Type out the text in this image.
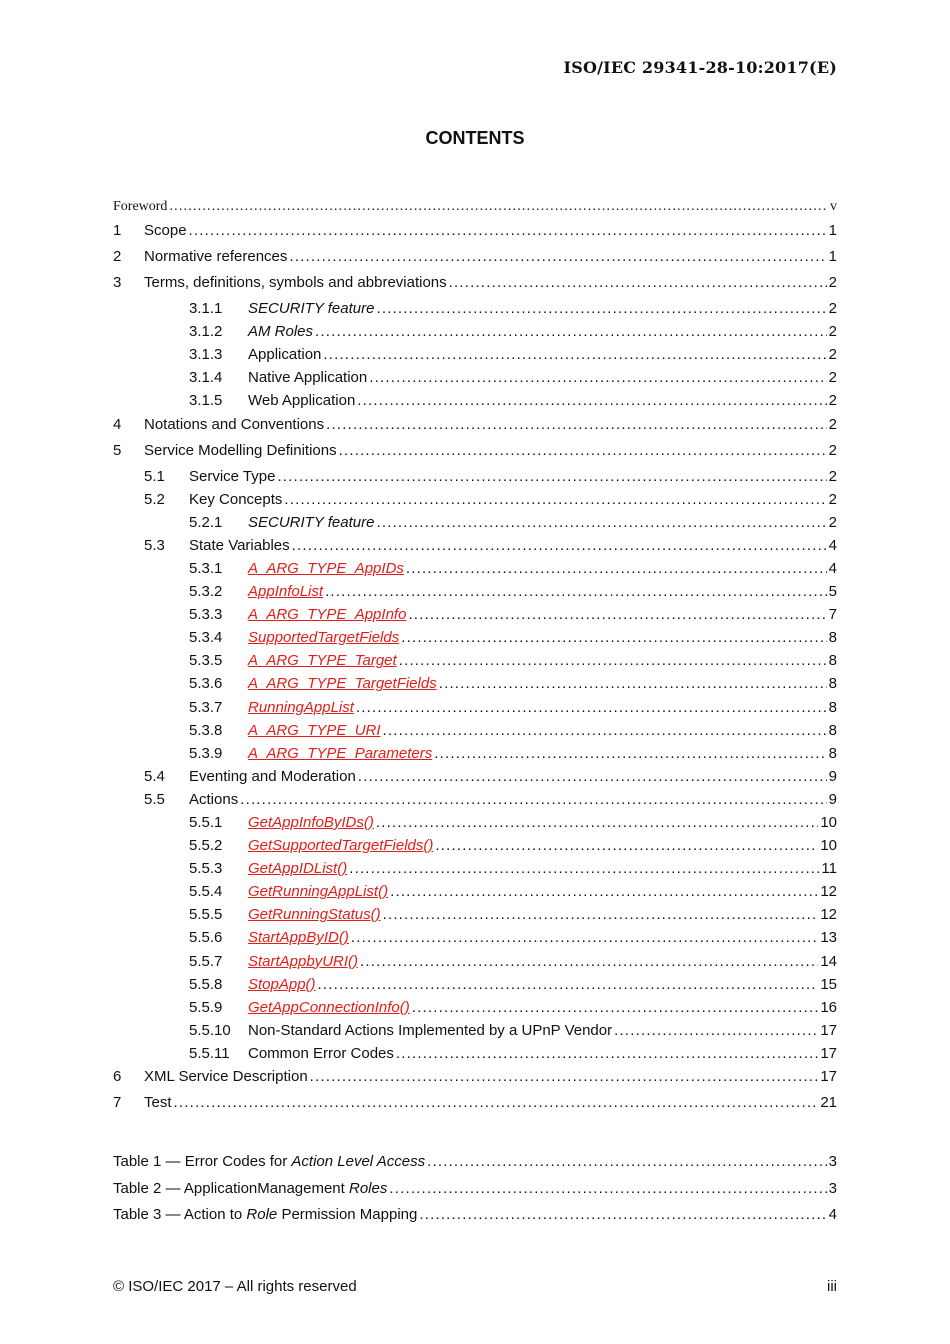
ISO/IEC 29341-28-10:2017(E)
CONTENTS
Foreword .....	v
1	Scope .....	1
2	Normative references .....	1
3	Terms, definitions, symbols and abbreviations .....	2
3.1.1	SECURITY feature .....	2
3.1.2	AM Roles .....	2
3.1.3	Application .....	2
3.1.4	Native Application .....	2
3.1.5	Web Application .....	2
4	Notations and Conventions .....	2
5	Service Modelling Definitions .....	2
5.1	Service Type .....	2
5.2	Key Concepts .....	2
5.2.1	SECURITY feature .....	2
5.3	State Variables .....	4
5.3.1	A_ARG_TYPE_AppIDs .....	4
5.3.2	AppInfoList .....	5
5.3.3	A_ARG_TYPE_AppInfo .....	7
5.3.4	SupportedTargetFields .....	8
5.3.5	A_ARG_TYPE_Target .....	8
5.3.6	A_ARG_TYPE_TargetFields .....	8
5.3.7	RunningAppList .....	8
5.3.8	A_ARG_TYPE_URI .....	8
5.3.9	A_ARG_TYPE_Parameters .....	8
5.4	Eventing and Moderation .....	9
5.5	Actions .....	9
5.5.1	GetAppInfoByIDs() .....	10
5.5.2	GetSupportedTargetFields() .....	10
5.5.3	GetAppIDList() .....	11
5.5.4	GetRunningAppList() .....	12
5.5.5	GetRunningStatus() .....	12
5.5.6	StartAppByID() .....	13
5.5.7	StartAppbyURI() .....	14
5.5.8	StopApp() .....	15
5.5.9	GetAppConnectionInfo() .....	16
5.5.10	Non-Standard Actions Implemented by a UPnP Vendor .....	17
5.5.11	Common Error Codes .....	17
6	XML Service Description .....	17
7	Test .....	21
Table 1 — Error Codes for Action Level Access .....	3
Table 2 — ApplicationManagement Roles .....	3
Table 3 — Action to Role Permission Mapping .....	4
© ISO/IEC 2017 – All rights reserved	iii
